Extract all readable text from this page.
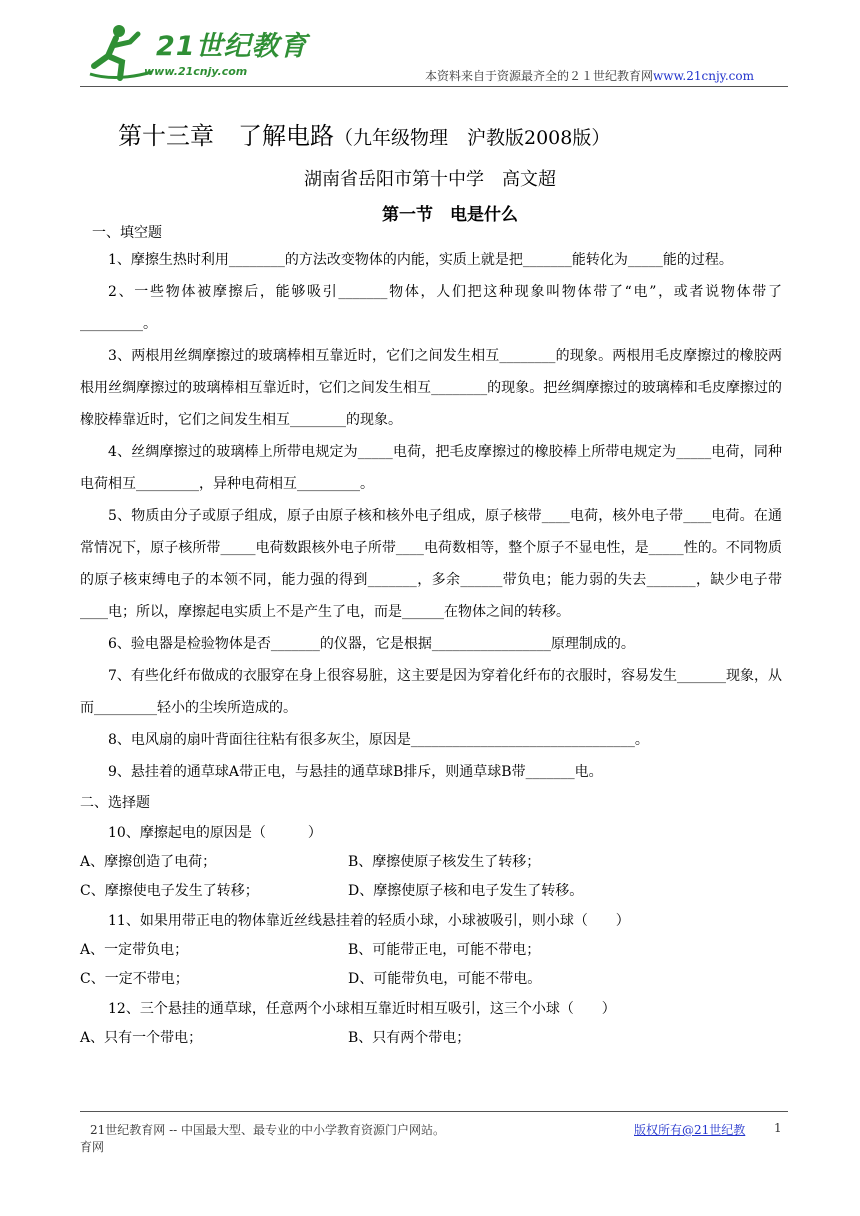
21世纪教育
www.21cnjy.com	本资料来自于资源最齐全的２１世纪教育网www.21cnjy.com
第十三章　了解电路（九年级物理　沪教版2008版）
湖南省岳阳市第十中学　高文超
第一节　电是什么
一、填空题
1、摩擦生热时利用________的方法改变物体的内能，实质上就是把_______能转化为_____能的过程。
2、一些物体被摩擦后，能够吸引_______物体，人们把这种现象叫物体带了“电”，或者说物体带了_________。
3、两根用丝绸摩擦过的玻璃棒相互靠近时，它们之间发生相互________的现象。两根用毛皮摩擦过的橡胶两根用丝绸摩擦过的玻璃棒相互靠近时，它们之间发生相互________的现象。把丝绸摩擦过的玻璃棒和毛皮摩擦过的橡胶棒靠近时，它们之间发生相互________的现象。
4、丝绸摩擦过的玻璃棒上所带电规定为_____电荷，把毛皮摩擦过的橡胶棒上所带电规定为_____电荷，同种电荷相互_________，异种电荷相互_________。
5、物质由分子或原子组成，原子由原子核和核外电子组成，原子核带____电荷，核外电子带____电荷。在通常情况下，原子核所带_____电荷数跟核外电子所带____电荷数相等，整个原子不显电性，是_____性的。不同物质的原子核束缚电子的本领不同，能力强的得到_______，多余______带负电；能力弱的失去_______，缺少电子带____电；所以，摩擦起电实质上不是产生了电，而是______在物体之间的转移。
6、验电器是检验物体是否_______的仪器，它是根据_________________原理制成的。
7、有些化纤布做成的衣服穿在身上很容易脏，这主要是因为穿着化纤布的衣服时，容易发生_______现象，从而_________轻小的尘埃所造成的。
8、电风扇的扇叶背面往往粘有很多灰尘，原因是________________________________。
9、悬挂着的通草球A带正电，与悬挂的通草球B排斥，则通草球B带_______电。
二、选择题
10、摩擦起电的原因是（　　　）
A、摩擦创造了电荷；	B、摩擦使原子核发生了转移；
C、摩擦使电子发生了转移；	D、摩擦使原子核和电子发生了转移。
11、如果用带正电的物体靠近丝线悬挂着的轻质小球，小球被吸引，则小球（　　）
A、一定带负电；	B、可能带正电，可能不带电；
C、一定不带电；	D、可能带负电，可能不带电。
12、三个悬挂的通草球，任意两个小球相互靠近时相互吸引，这三个小球（　　）
A、只有一个带电；	B、只有两个带电；
21世纪教育网 -- 中国最大型、最专业的中小学教育资源门户网站。
育网
版权所有@21世纪教 1
